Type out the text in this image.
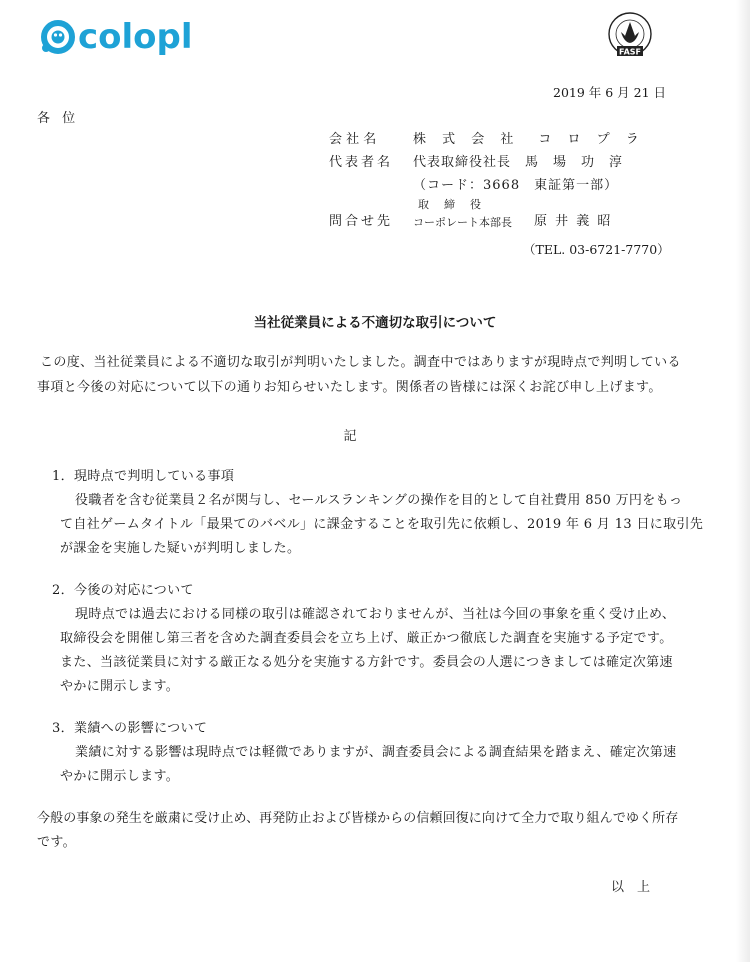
colopl	FASF
2019 年 6 月 21 日
各 位
会 社 名	株 式 会 社　コ ロ プ ラ
代表者名 代表取締役社長　馬　場　功　淳
（コード：3668　東証第一部）
問合せ先
取　締　役
コーポレート本部長 原 井 義 昭
（TEL. 03-6721-7770）
当社従業員による不適切な取引について
この度、当社従業員による不適切な取引が判明いたしました。調査中ではありますが現時点で判明している
事項と今後の対応について以下の通りお知らせいたします。関係者の皆様には深くお詫び申し上げます。
記
1．現時点で判明している事項
役職者を含む従業員２名が関与し、セールスランキングの操作を目的として自社費用 850 万円をもっ
て自社ゲームタイトル「最果てのバベル」に課金することを取引先に依頼し、2019 年 6 月 13 日に取引先
が課金を実施した疑いが判明しました。
2．今後の対応について
現時点では過去における同様の取引は確認されておりませんが、当社は今回の事象を重く受け止め、
取締役会を開催し第三者を含めた調査委員会を立ち上げ、厳正かつ徹底した調査を実施する予定です。
また、当該従業員に対する厳正なる処分を実施する方針です。委員会の人選につきましては確定次第速
やかに開示します。
3．業績への影響について
業績に対する影響は現時点では軽微でありますが、調査委員会による調査結果を踏まえ、確定次第速
やかに開示します。
今般の事象の発生を厳粛に受け止め、再発防止および皆様からの信頼回復に向けて全力で取り組んでゆく所存
です。
以　上
